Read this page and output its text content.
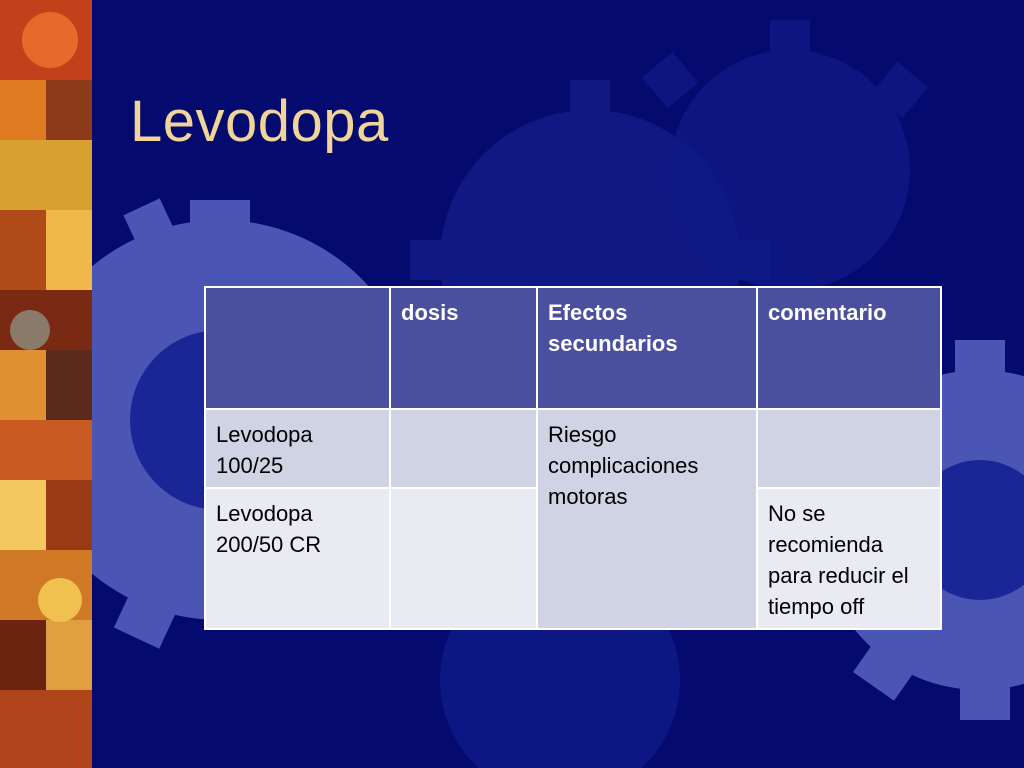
Levodopa
	dosis	Efectos secundarios	comentario
Levodopa 100/25		Riesgo complicaciones motoras	
Levodopa 200/50 CR			No se recomienda para reducir el tiempo off
